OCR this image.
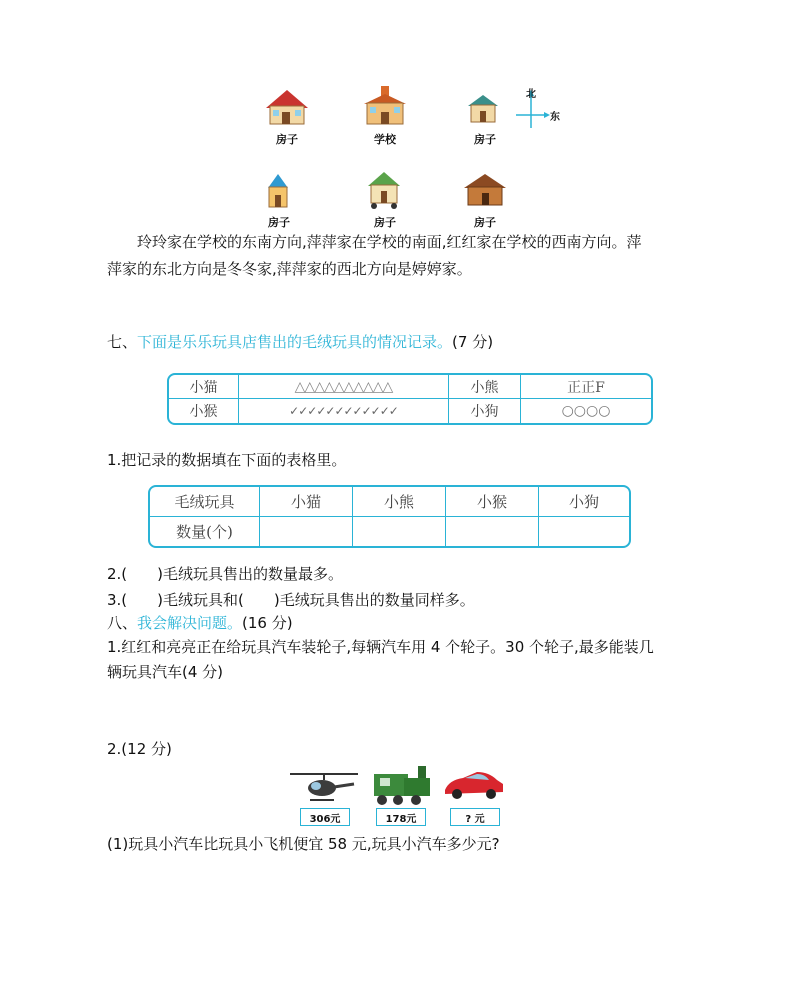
房子	学校	房子
北
东
房子	房子	房子
玲玲家在学校的东南方向,萍萍家在学校的南面,红红家在学校的西南方向。萍
萍家的东北方向是冬冬家,萍萍家的西北方向是婷婷家。
七、下面是乐乐玩具店售出的毛绒玩具的情况记录。(7 分)
小猫	△△△△△△△△△△	小熊	正正F
小猴	✓✓✓✓✓✓✓✓✓✓✓✓	小狗	○○○○
1.把记录的数据填在下面的表格里。
毛绒玩具	小猫	小熊	小猴	小狗
数量(个)
2.(　　)毛绒玩具售出的数量最多。
3.(　　)毛绒玩具和(　　)毛绒玩具售出的数量同样多。
八、我会解决问题。(16 分)
1.红红和亮亮正在给玩具汽车装轮子,每辆汽车用 4 个轮子。30 个轮子,最多能装几
辆玩具汽车(4 分)
2.(12 分)
306元	178元	? 元
(1)玩具小汽车比玩具小飞机便宜 58 元,玩具小汽车多少元?
